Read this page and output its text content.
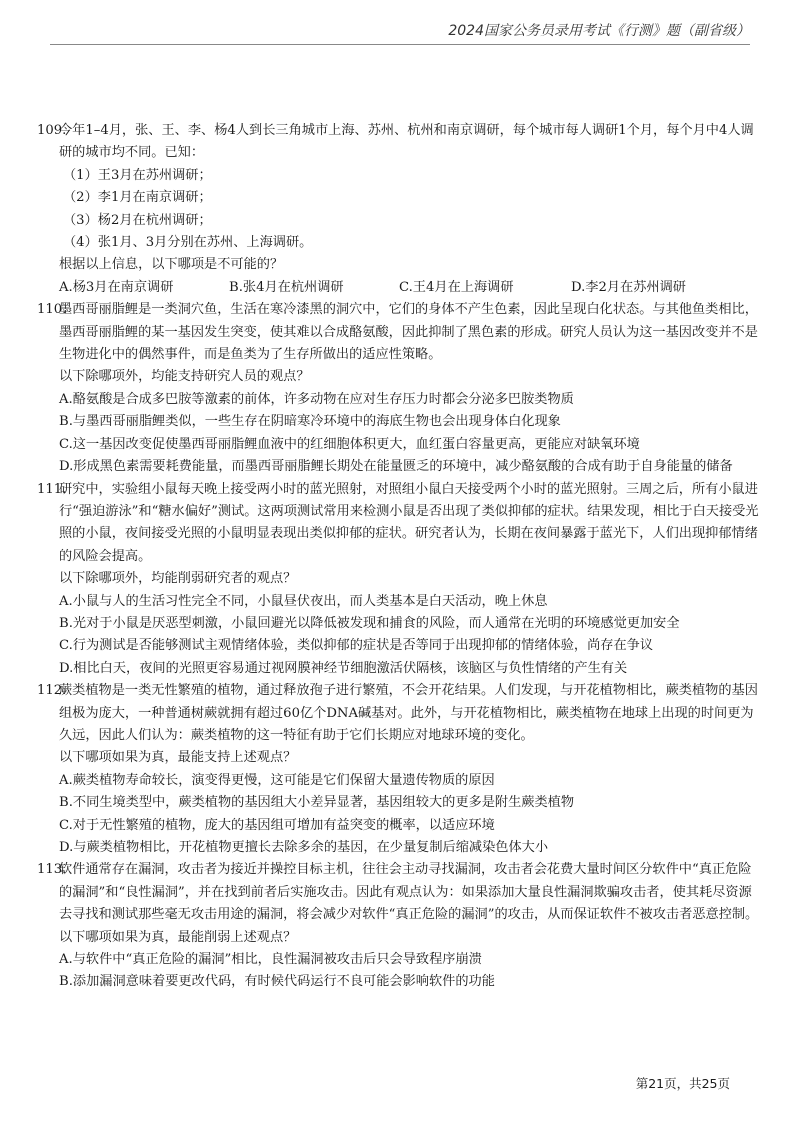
2024国家公务员录用考试《行测》题（副省级）
109.
今年1–4月，张、王、李、杨4人到长三角城市上海、苏州、杭州和南京调研，每个城市每人调研1个月，每个月中4人调研的城市均不同。已知：
（1）王3月在苏州调研；
（2）李1月在南京调研；
（3）杨2月在杭州调研；
（4）张1月、3月分别在苏州、上海调研。
根据以上信息，以下哪项是不可能的？
A.杨3月在南京调研	B.张4月在杭州调研	C.王4月在上海调研	D.李2月在苏州调研
110.
墨西哥丽脂鲤是一类洞穴鱼，生活在寒冷漆黑的洞穴中，它们的身体不产生色素，因此呈现白化状态。与其他鱼类相比，墨西哥丽脂鲤的某一基因发生突变，使其难以合成酪氨酸，因此抑制了黑色素的形成。研究人员认为这一基因改变并不是生物进化中的偶然事件，而是鱼类为了生存所做出的适应性策略。
以下除哪项外，均能支持研究人员的观点？
A.酪氨酸是合成多巴胺等激素的前体，许多动物在应对生存压力时都会分泌多巴胺类物质
B.与墨西哥丽脂鲤类似，一些生存在阴暗寒冷环境中的海底生物也会出现身体白化现象
C.这一基因改变促使墨西哥丽脂鲤血液中的红细胞体积更大，血红蛋白容量更高，更能应对缺氧环境
D.形成黑色素需要耗费能量，而墨西哥丽脂鲤长期处在能量匮乏的环境中，减少酪氨酸的合成有助于自身能量的储备
111.
研究中，实验组小鼠每天晚上接受两小时的蓝光照射，对照组小鼠白天接受两个小时的蓝光照射。三周之后，所有小鼠进行“强迫游泳”和“糖水偏好”测试。这两项测试常用来检测小鼠是否出现了类似抑郁的症状。结果发现，相比于白天接受光照的小鼠，夜间接受光照的小鼠明显表现出类似抑郁的症状。研究者认为，长期在夜间暴露于蓝光下，人们出现抑郁情绪的风险会提高。
以下除哪项外，均能削弱研究者的观点？
A.小鼠与人的生活习性完全不同，小鼠昼伏夜出，而人类基本是白天活动，晚上休息
B.光对于小鼠是厌恶型刺激，小鼠回避光以降低被发现和捕食的风险，而人通常在光明的环境感觉更加安全
C.行为测试是否能够测试主观情绪体验，类似抑郁的症状是否等同于出现抑郁的情绪体验，尚存在争议
D.相比白天，夜间的光照更容易通过视网膜神经节细胞激活伏隔核，该脑区与负性情绪的产生有关
112.
蕨类植物是一类无性繁殖的植物，通过释放孢子进行繁殖，不会开花结果。人们发现，与开花植物相比，蕨类植物的基因组极为庞大，一种普通树蕨就拥有超过60亿个DNA碱基对。此外，与开花植物相比，蕨类植物在地球上出现的时间更为久远，因此人们认为：蕨类植物的这一特征有助于它们长期应对地球环境的变化。
以下哪项如果为真，最能支持上述观点？
A.蕨类植物寿命较长，演变得更慢，这可能是它们保留大量遗传物质的原因
B.不同生境类型中，蕨类植物的基因组大小差异显著，基因组较大的更多是附生蕨类植物
C.对于无性繁殖的植物，庞大的基因组可增加有益突变的概率，以适应环境
D.与蕨类植物相比，开花植物更擅长去除多余的基因，在少量复制后缩减染色体大小
113.
软件通常存在漏洞，攻击者为接近并操控目标主机，往往会主动寻找漏洞，攻击者会花费大量时间区分软件中“真正危险的漏洞”和“良性漏洞”，并在找到前者后实施攻击。因此有观点认为：如果添加大量良性漏洞欺骗攻击者，使其耗尽资源去寻找和测试那些毫无攻击用途的漏洞，将会减少对软件“真正危险的漏洞”的攻击，从而保证软件不被攻击者恶意控制。
以下哪项如果为真，最能削弱上述观点？
A.与软件中“真正危险的漏洞”相比，良性漏洞被攻击后只会导致程序崩溃
B.添加漏洞意味着要更改代码，有时候代码运行不良可能会影响软件的功能
第21页，共25页
